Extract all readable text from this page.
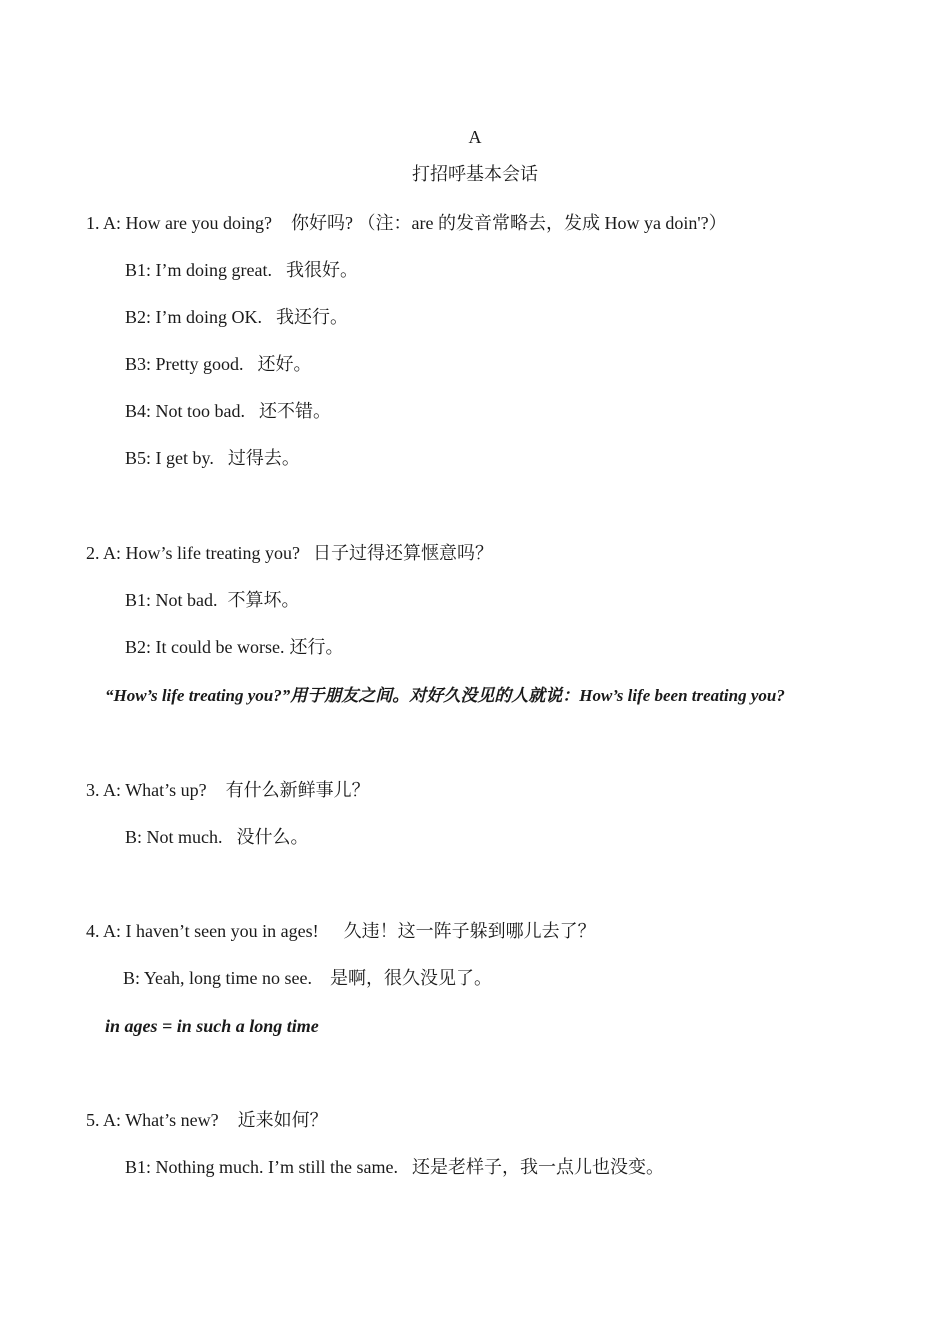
A
打招呼基本会话
1. A: How are you doing? 你好吗? （注：are 的发音常略去，发成 How ya doin'?）
B1: I’m doing great. 我很好。
B2: I’m doing OK. 我还行。
B3: Pretty good. 还好。
B4: Not too bad. 还不错。
B5: I get by. 过得去。
2. A: How’s life treating you? 日子过得还算惬意吗？
B1: Not bad. 不算坏。
B2: It could be worse. 还行。
“How’s life treating you?”用于朋友之间。对好久没见的人就说：How’s life been treating you?
3. A: What’s up? 有什么新鲜事儿？
B: Not much. 没什么。
4. A: I haven’t seen you in ages! 久违！这一阵子躲到哪儿去了？
B: Yeah, long time no see. 是啊，很久没见了。
in ages = in such a long time
5. A: What’s new? 近来如何？
B1: Nothing much. I’m still the same. 还是老样子，我一点儿也没变。
